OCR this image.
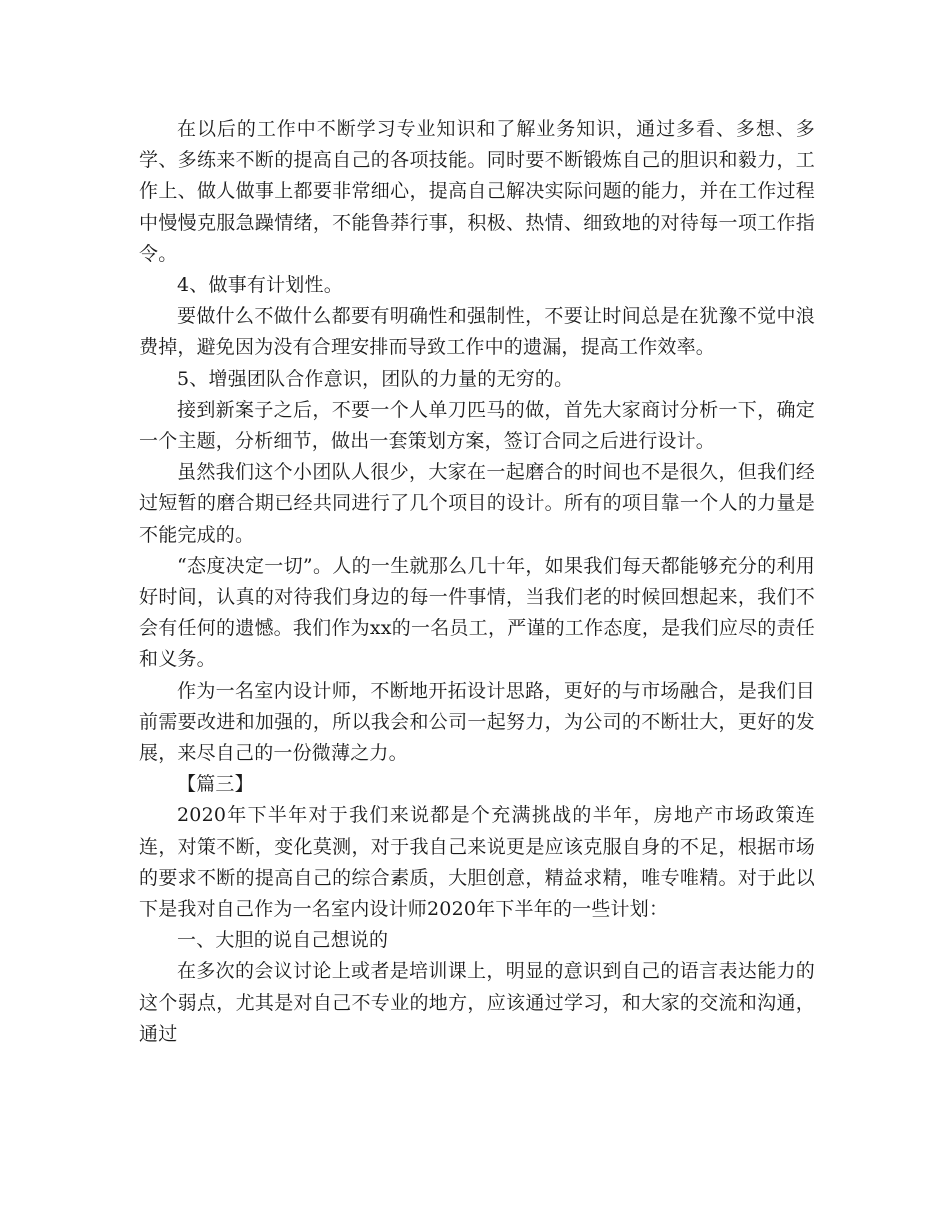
在以后的工作中不断学习专业知识和了解业务知识，通过多看、多想、多学、多练来不断的提高自己的各项技能。同时要不断锻炼自己的胆识和毅力，工作上、做人做事上都要非常细心，提高自己解决实际问题的能力，并在工作过程中慢慢克服急躁情绪，不能鲁莽行事，积极、热情、细致地的对待每一项工作指令。

4、做事有计划性。

要做什么不做什么都要有明确性和强制性，不要让时间总是在犹豫不觉中浪费掉，避免因为没有合理安排而导致工作中的遗漏，提高工作效率。

5、增强团队合作意识，团队的力量的无穷的。

接到新案子之后，不要一个人单刀匹马的做，首先大家商讨分析一下，确定一个主题，分析细节，做出一套策划方案，签订合同之后进行设计。

虽然我们这个小团队人很少，大家在一起磨合的时间也不是很久，但我们经过短暂的磨合期已经共同进行了几个项目的设计。所有的项目靠一个人的力量是不能完成的。

“态度决定一切”。人的一生就那么几十年，如果我们每天都能够充分的利用好时间，认真的对待我们身边的每一件事情，当我们老的时候回想起来，我们不会有任何的遗憾。我们作为xx的一名员工，严谨的工作态度，是我们应尽的责任和义务。

作为一名室内设计师，不断地开拓设计思路，更好的与市场融合，是我们目前需要改进和加强的，所以我会和公司一起努力，为公司的不断壮大，更好的发展，来尽自己的一份微薄之力。

【篇三】

2020年下半年对于我们来说都是个充满挑战的半年，房地产市场政策连连，对策不断，变化莫测，对于我自己来说更是应该克服自身的不足，根据市场的要求不断的提高自己的综合素质，大胆创意，精益求精，唯专唯精。对于此以下是我对自己作为一名室内设计师2020年下半年的一些计划：

一、大胆的说自己想说的

在多次的会议讨论上或者是培训课上，明显的意识到自己的语言表达能力的这个弱点，尤其是对自己不专业的地方，应该通过学习，和大家的交流和沟通，通过
